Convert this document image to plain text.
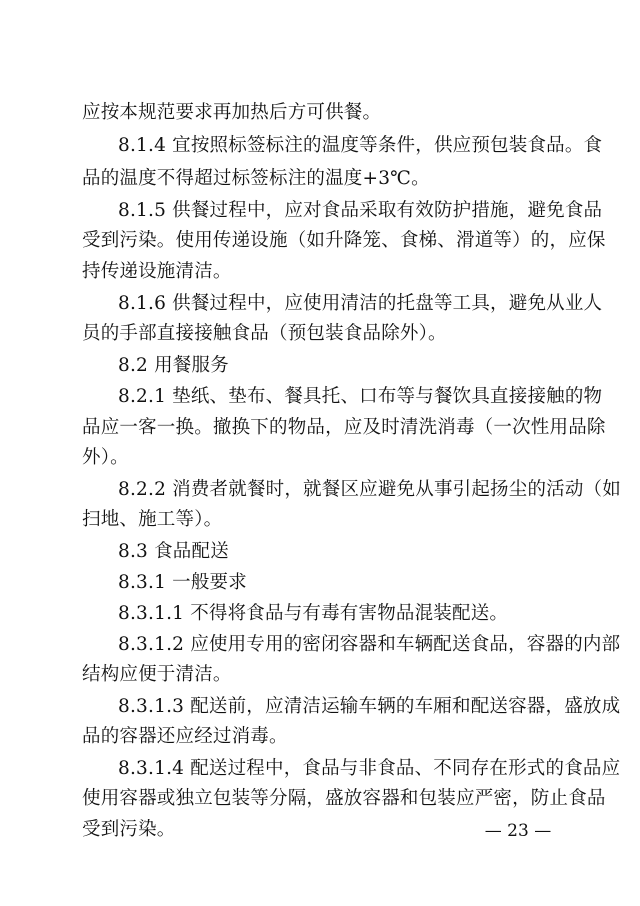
应按本规范要求再加热后方可供餐。
8.1.4 宜按照标签标注的温度等条件，供应预包装食品。食
品的温度不得超过标签标注的温度+3℃。
8.1.5 供餐过程中，应对食品采取有效防护措施，避免食品
受到污染。使用传递设施（如升降笼、食梯、滑道等）的，应保
持传递设施清洁。
8.1.6 供餐过程中，应使用清洁的托盘等工具，避免从业人
员的手部直接接触食品（预包装食品除外）。
8.2 用餐服务
8.2.1 垫纸、垫布、餐具托、口布等与餐饮具直接接触的物
品应一客一换。撤换下的物品，应及时清洗消毒（一次性用品除
外）。
8.2.2 消费者就餐时，就餐区应避免从事引起扬尘的活动（如
扫地、施工等）。
8.3 食品配送
8.3.1 一般要求
8.3.1.1 不得将食品与有毒有害物品混装配送。
8.3.1.2 应使用专用的密闭容器和车辆配送食品，容器的内部
结构应便于清洁。
8.3.1.3 配送前，应清洁运输车辆的车厢和配送容器，盛放成
品的容器还应经过消毒。
8.3.1.4 配送过程中，食品与非食品、不同存在形式的食品应
使用容器或独立包装等分隔，盛放容器和包装应严密，防止食品
受到污染。	— 23 —
